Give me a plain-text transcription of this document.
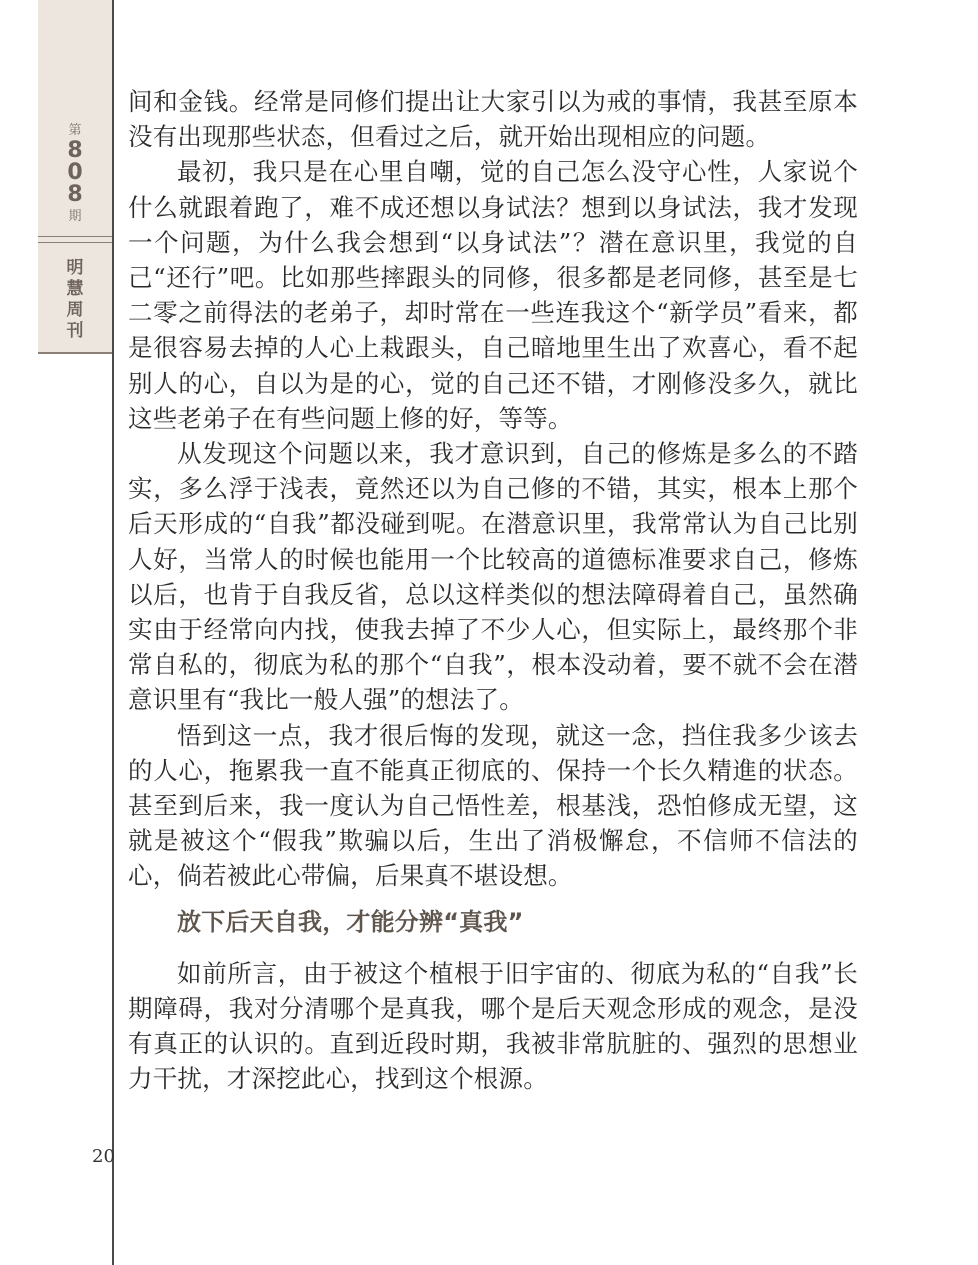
第
8
0
8
期
明
慧
周
刊

间和金钱。经常是同修们提出让大家引以为戒的事情，我甚至原本没有出现那些状态，但看过之后，就开始出现相应的问题。

最初，我只是在心里自嘲，觉的自己怎么没守心性，人家说个什么就跟着跑了，难不成还想以身试法？想到以身试法，我才发现一个问题，为什么我会想到“以身试法”？潜在意识里，我觉的自己“还行”吧。比如那些摔跟头的同修，很多都是老同修，甚至是七二零之前得法的老弟子，却时常在一些连我这个“新学员”看来，都是很容易去掉的人心上栽跟头，自己暗地里生出了欢喜心，看不起别人的心，自以为是的心，觉的自己还不错，才刚修没多久，就比这些老弟子在有些问题上修的好，等等。

从发现这个问题以来，我才意识到，自己的修炼是多么的不踏实，多么浮于浅表，竟然还以为自己修的不错，其实，根本上那个后天形成的“自我”都没碰到呢。在潜意识里，我常常认为自己比别人好，当常人的时候也能用一个比较高的道德标准要求自己，修炼以后，也肯于自我反省，总以这样类似的想法障碍着自己，虽然确实由于经常向内找，使我去掉了不少人心，但实际上，最终那个非常自私的，彻底为私的那个“自我”，根本没动着，要不就不会在潜意识里有“我比一般人强”的想法了。

悟到这一点，我才很后悔的发现，就这一念，挡住我多少该去的人心，拖累我一直不能真正彻底的、保持一个长久精進的状态。甚至到后来，我一度认为自己悟性差，根基浅，恐怕修成无望，这就是被这个“假我”欺骗以后，生出了消极懈怠，不信师不信法的心，倘若被此心带偏，后果真不堪设想。

放下后天自我，才能分辨“真我”

如前所言，由于被这个植根于旧宇宙的、彻底为私的“自我”长期障碍，我对分清哪个是真我，哪个是后天观念形成的观念，是没有真正的认识的。直到近段时期，我被非常肮脏的、强烈的思想业力干扰，才深挖此心，找到这个根源。

20
